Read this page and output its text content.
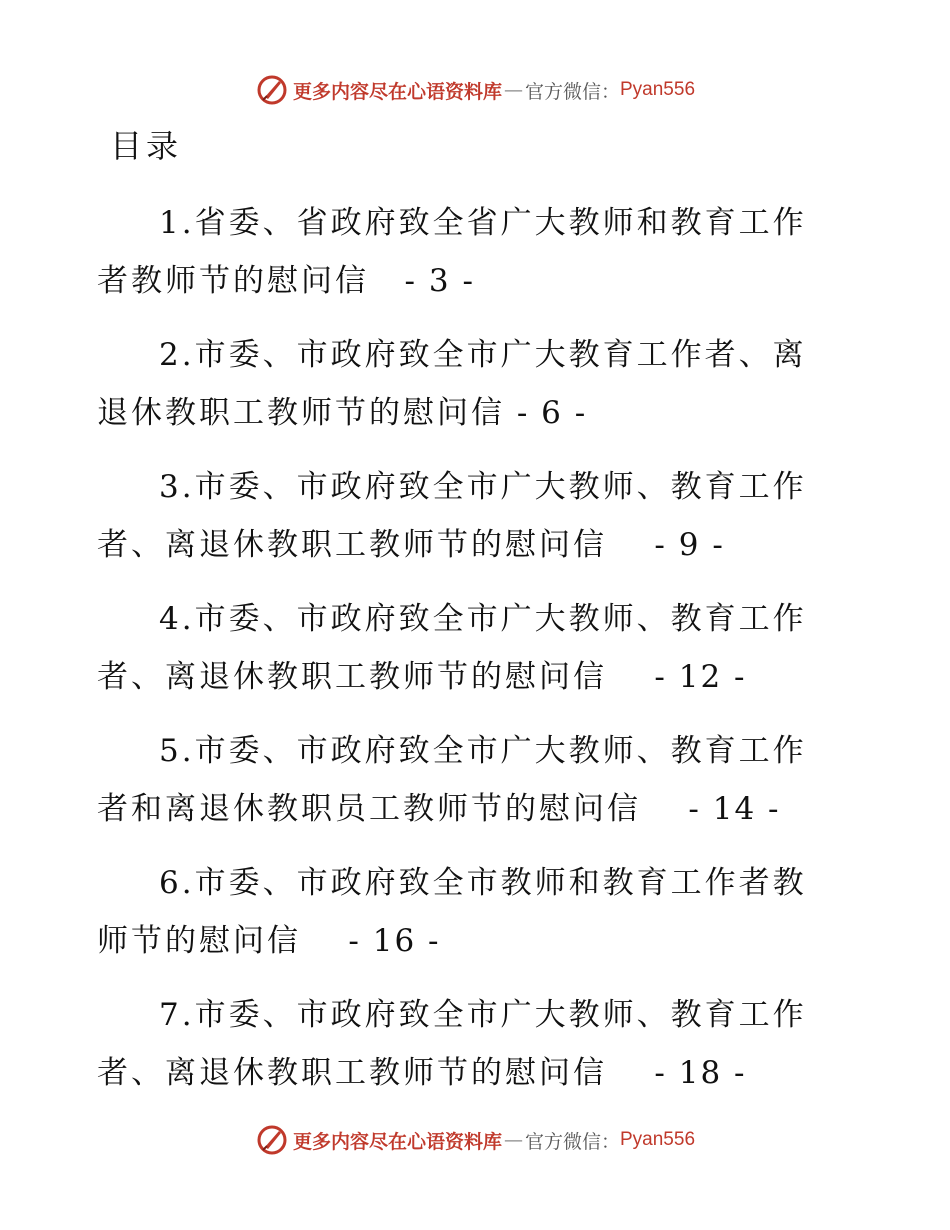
更多内容尽在心语资料库 — 官方微信： Pyan556
目录
1.省委、省政府致全省广大教师和教育工作者教师节的慰问信   - 3 -
2.市委、市政府致全市广大教育工作者、离退休教职工教师节的慰问信 - 6 -
3.市委、市政府致全市广大教师、教育工作者、离退休教职工教师节的慰问信    - 9 -
4.市委、市政府致全市广大教师、教育工作者、离退休教职工教师节的慰问信    - 12 -
5.市委、市政府致全市广大教师、教育工作者和离退休教职员工教师节的慰问信    - 14 -
6.市委、市政府致全市教师和教育工作者教师节的慰问信    - 16 -
7.市委、市政府致全市广大教师、教育工作者、离退休教职工教师节的慰问信    - 18 -
更多内容尽在心语资料库 — 官方微信： Pyan556
